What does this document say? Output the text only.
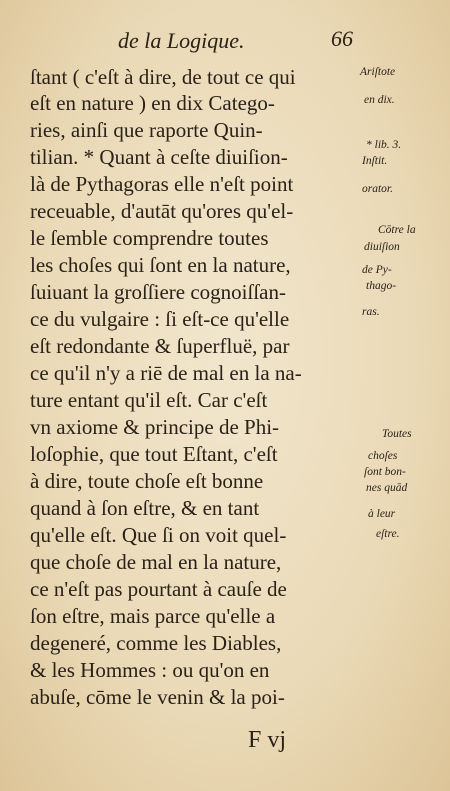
de la Logique.	66
ſtant ( c'eſt à dire, de tout ce qui
eſt en nature ) en dix Catego-
ries, ainſi que raporte Quin-
tilian. * Quant à ceſte diuiſion-
là de Pythagoras elle n'eſt point
receuable, d'autāt qu'ores qu'el-
le ſemble comprendre toutes
les choſes qui ſont en la nature,
ſuiuant la groſſiere cognoiſſan-
ce du vulgaire : ſi eſt-ce qu'elle
eſt redondante & ſuperfluë, par
ce qu'il n'y a riē de mal en la na-
ture entant qu'il eſt. Car c'eſt
vn axiome & principe de Phi-
loſophie, que tout Eſtant, c'eſt
à dire, toute choſe eſt bonne
quand à ſon eſtre, & en tant
qu'elle eſt. Que ſi on voit quel-
que choſe de mal en la nature,
ce n'eſt pas pourtant à cauſe de
ſon eſtre, mais parce qu'elle a
degeneré, comme les Diables,
& les Hommes : ou qu'on en
abuſe, cōme le venin & la poi-
Ariſtote
en dix.
* lib. 3.
Inſtit.
orator.
Cōtre la
diuiſion
de Py-
thago-
ras.
Toutes
choſes
ſont bon-
nes quād
à leur
eſtre.
F vj
